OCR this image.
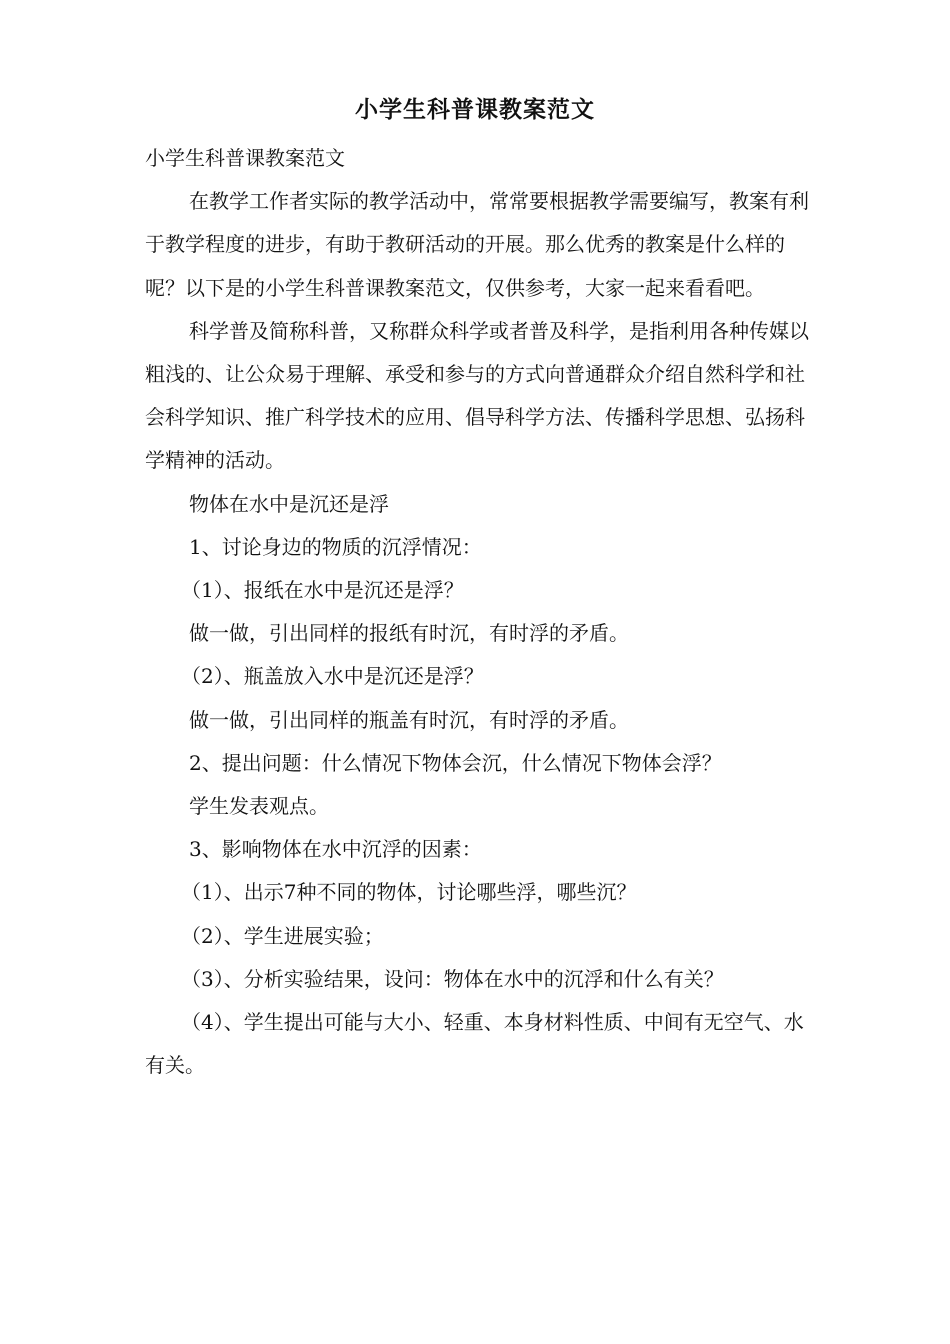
小学生科普课教案范文

小学生科普课教案范文

在教学工作者实际的教学活动中，常常要根据教学需要编写，教案有利于教学程度的进步，有助于教研活动的开展。那么优秀的教案是什么样的呢？以下是的小学生科普课教案范文，仅供参考，大家一起来看看吧。

科学普及简称科普，又称群众科学或者普及科学，是指利用各种传媒以粗浅的、让公众易于理解、承受和参与的方式向普通群众介绍自然科学和社会科学知识、推广科学技术的应用、倡导科学方法、传播科学思想、弘扬科学精神的活动。

物体在水中是沉还是浮

1、讨论身边的物质的沉浮情况：

（1）、报纸在水中是沉还是浮？

做一做，引出同样的报纸有时沉，有时浮的矛盾。

（2）、瓶盖放入水中是沉还是浮？

做一做，引出同样的瓶盖有时沉，有时浮的矛盾。

2、提出问题：什么情况下物体会沉，什么情况下物体会浮？

学生发表观点。

3、影响物体在水中沉浮的因素：

（1）、出示7种不同的物体，讨论哪些浮，哪些沉？

（2）、学生进展实验；

（3）、分析实验结果，设问：物体在水中的沉浮和什么有关？

（4）、学生提出可能与大小、轻重、本身材料性质、中间有无空气、水有关。
